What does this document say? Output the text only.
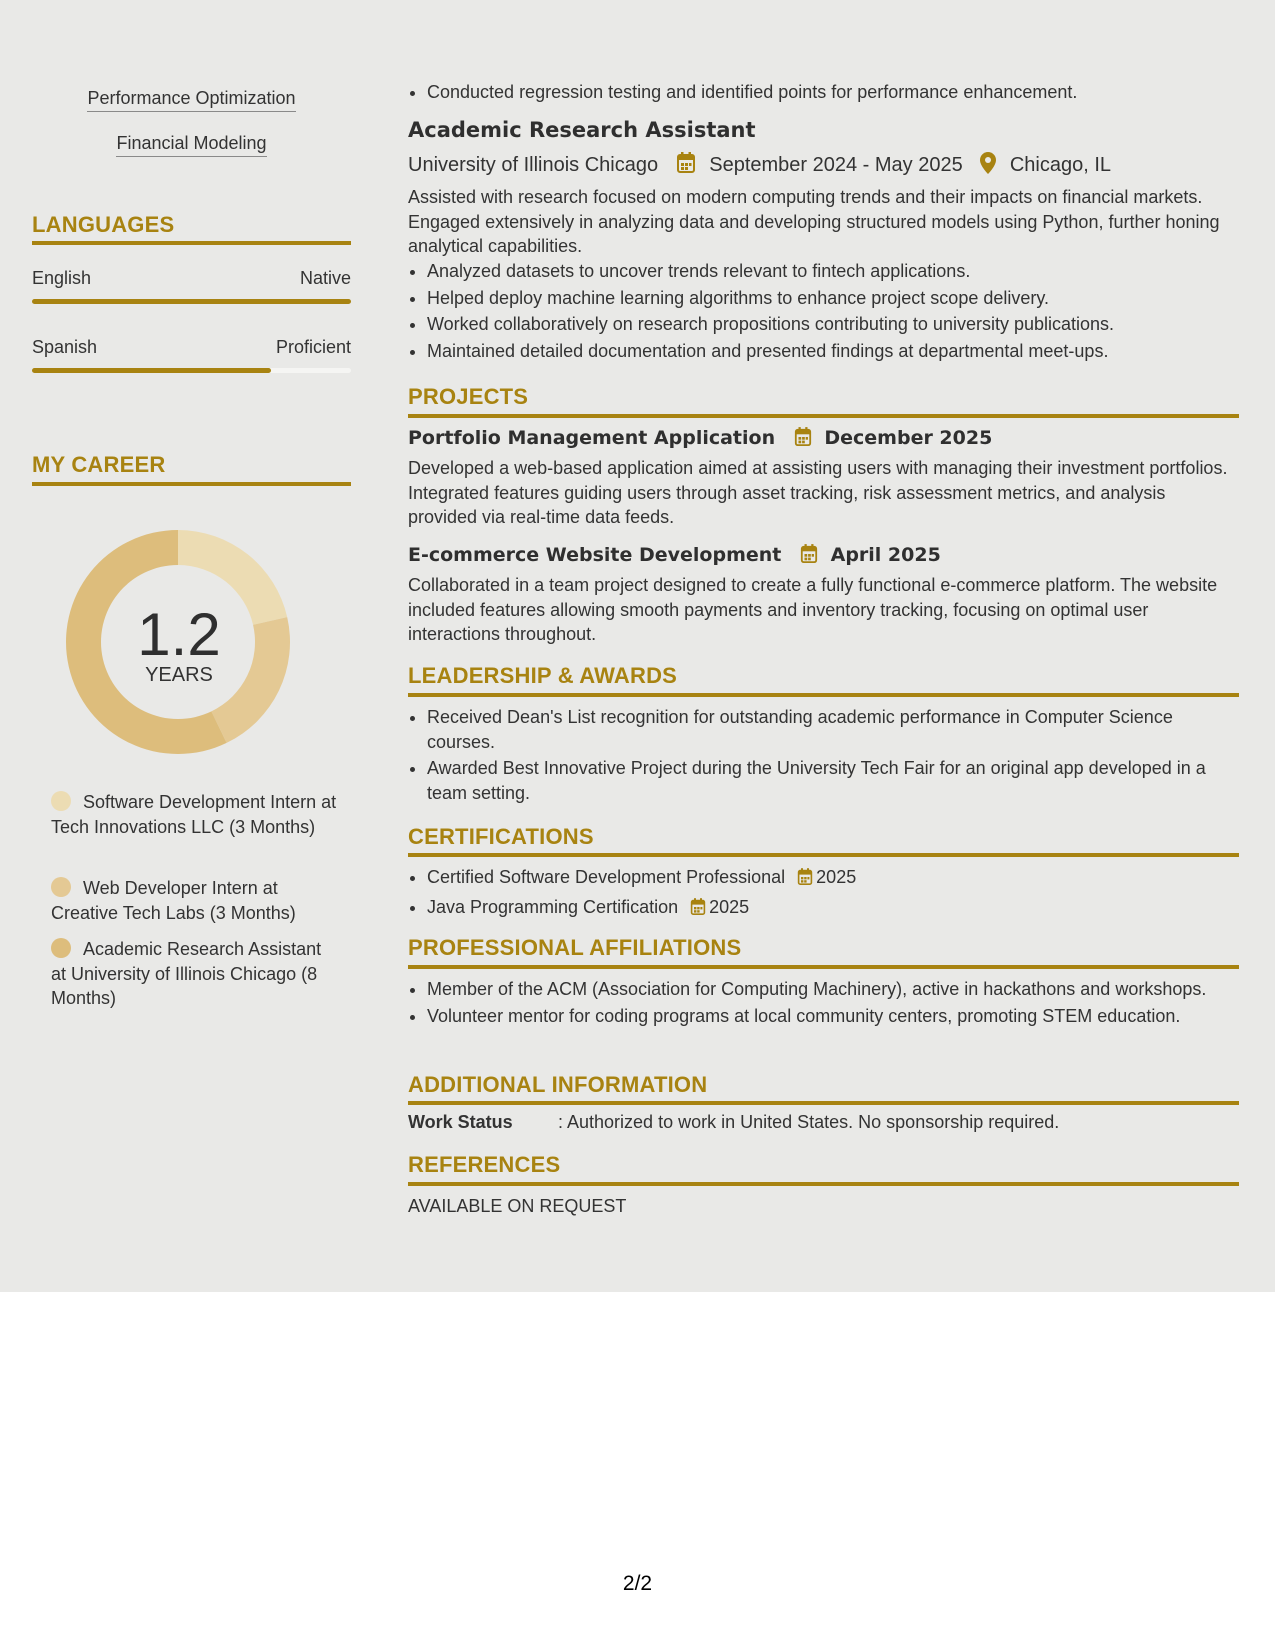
Performance Optimization
Financial Modeling
LANGUAGES
English	Native
Spanish	Proficient
MY CAREER
1.2
YEARS
Software Development Intern at Tech Innovations LLC (3 Months)
Web Developer Intern at Creative Tech Labs (3 Months)
Academic Research Assistant at University of Illinois Chicago (8 Months)
• Conducted regression testing and identified points for performance enhancement.
Academic Research Assistant
University of Illinois Chicago	September 2024 - May 2025 Chicago, IL

Assisted with research focused on modern computing trends and their impacts on financial markets. Engaged extensively in analyzing data and developing structured models using Python, further honing analytical capabilities.

• Analyzed datasets to uncover trends relevant to fintech applications.
• Helped deploy machine learning algorithms to enhance project scope delivery.
• Worked collaboratively on research propositions contributing to university publications.
• Maintained detailed documentation and presented findings at departmental meet-ups.
PROJECTS
Portfolio Management Application	December 2025

Developed a web-based application aimed at assisting users with managing their investment portfolios. Integrated features guiding users through asset tracking, risk assessment metrics, and analysis provided via real-time data feeds.

E-commerce Website Development	April 2025

Collaborated in a team project designed to create a fully functional e-commerce platform. The website included features allowing smooth payments and inventory tracking, focusing on optimal user interactions throughout.

LEADERSHIP & AWARDS
• Received Dean's List recognition for outstanding academic performance in Computer Science courses.
• Awarded Best Innovative Project during the University Tech Fair for an original app developed in a team setting.
CERTIFICATIONS
• Certified Software Development Professional 2025
• Java Programming Certification 2025
PROFESSIONAL AFFILIATIONS
• Member of the ACM (Association for Computing Machinery), active in hackathons and workshops.
• Volunteer mentor for coding programs at local community centers, promoting STEM education.
ADDITIONAL INFORMATION
Work Status	: Authorized to work in United States. No sponsorship required.
REFERENCES
AVAILABLE ON REQUEST
2/2
